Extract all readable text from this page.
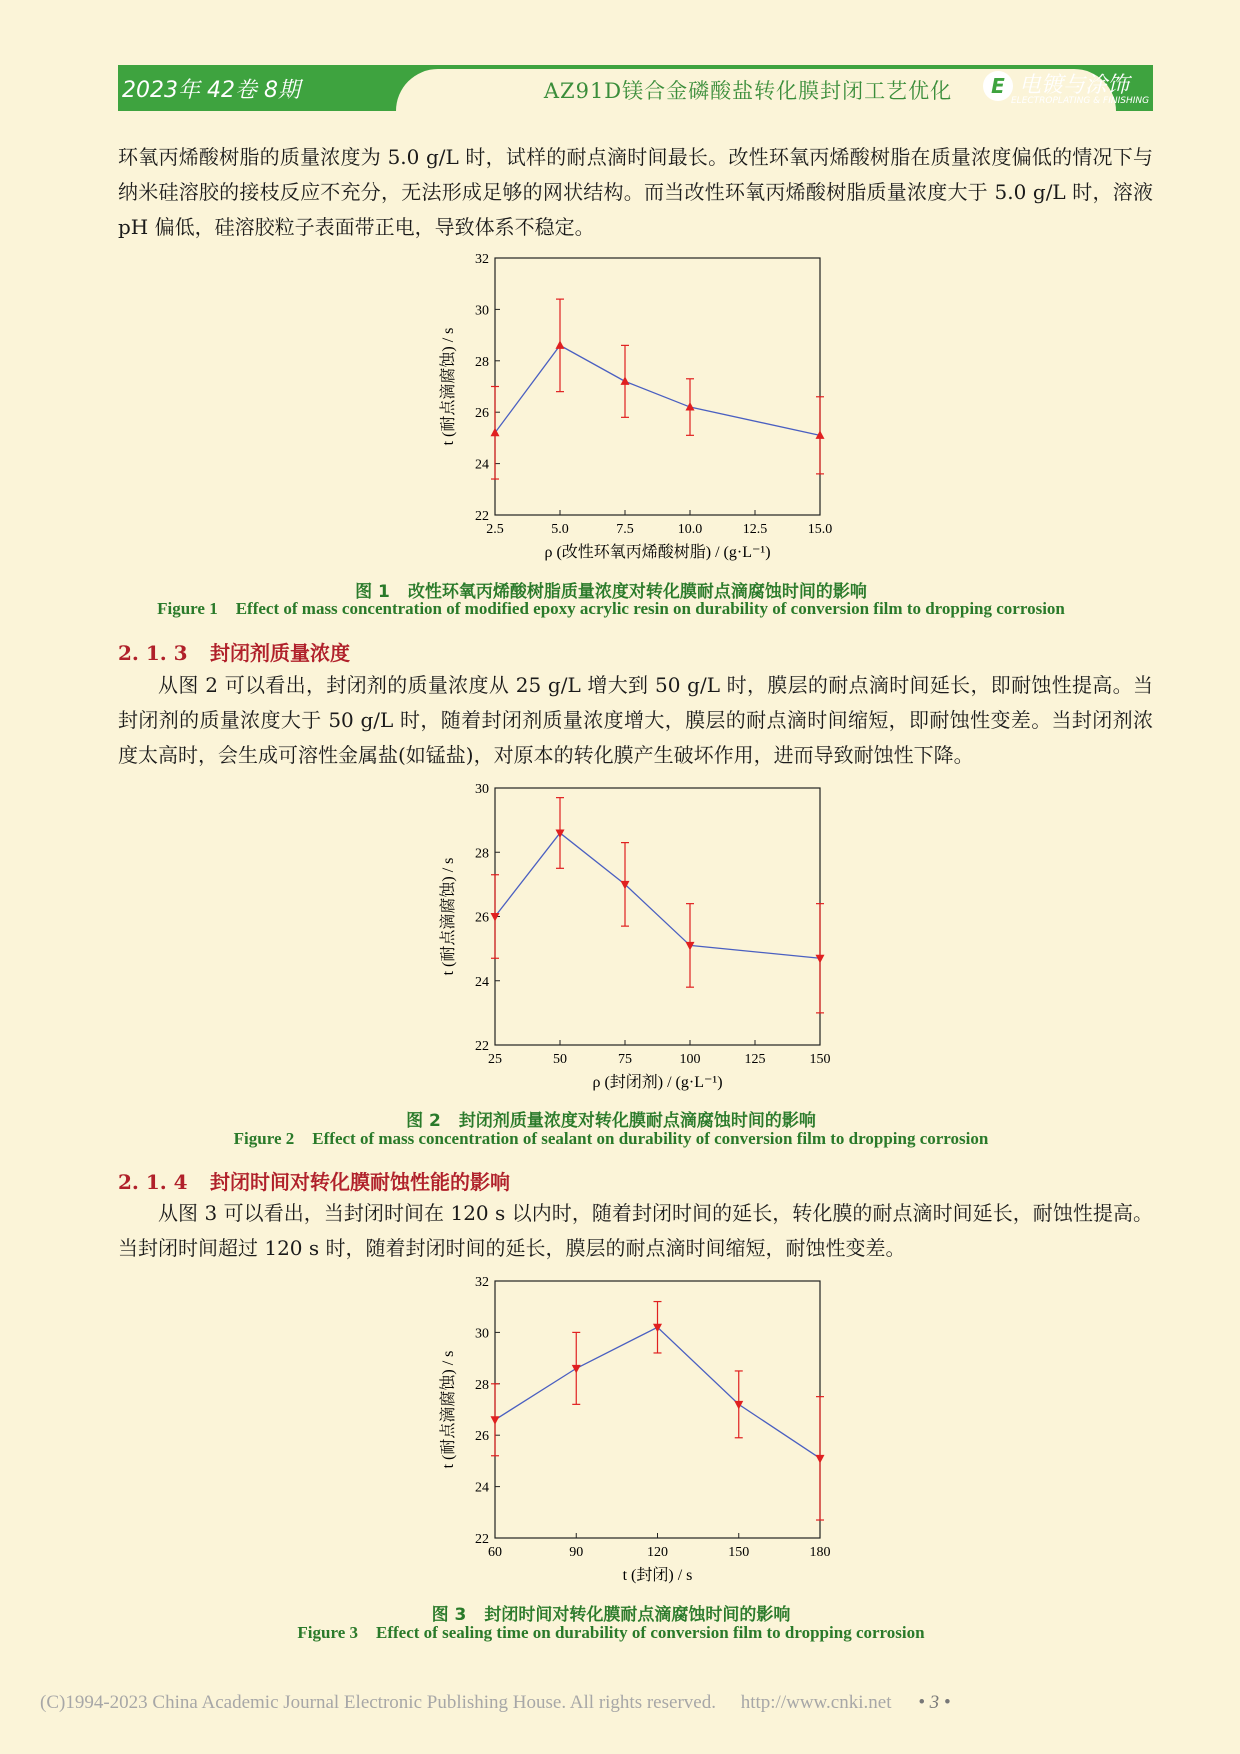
2023年 42卷 8期	AZ91D镁合金磷酸盐转化膜封闭工艺优化	E 电镀与涂饰
ELECTROPLATING & FINISHING

环氧丙烯酸树脂的质量浓度为 5.0 g/L 时，试样的耐点滴时间最长。改性环氧丙烯酸树脂在质量浓度偏低的情况下与纳米硅溶胶的接枝反应不充分，无法形成足够的网状结构。而当改性环氧丙烯酸树脂质量浓度大于 5.0 g/L 时，溶液 pH 偏低，硅溶胶粒子表面带正电，导致体系不稳定。

2.5	5.0	7.5	10.0	12.5	15.0
22
24
26
28
30
32
ρ (改性环氧丙烯酸树脂) / (g·L⁻¹)
t (耐点滴腐蚀) / s
图 1 改性环氧丙烯酸树脂质量浓度对转化膜耐点滴腐蚀时间的影响
Figure 1 Effect of mass concentration of modified epoxy acrylic resin on durability of conversion film to dropping corrosion
2. 1. 3 封闭剂质量浓度

从图 2 可以看出，封闭剂的质量浓度从 25 g/L 增大到 50 g/L 时，膜层的耐点滴时间延长，即耐蚀性提高。当封闭剂的质量浓度大于 50 g/L 时，随着封闭剂质量浓度增大，膜层的耐点滴时间缩短，即耐蚀性变差。当封闭剂浓度太高时，会生成可溶性金属盐(如锰盐)，对原本的转化膜产生破坏作用，进而导致耐蚀性下降。

25	50	75	100	125	150
22
24
26
28
30
ρ (封闭剂) / (g·L⁻¹)
t (耐点滴腐蚀) / s
图 2 封闭剂质量浓度对转化膜耐点滴腐蚀时间的影响
Figure 2 Effect of mass concentration of sealant on durability of conversion film to dropping corrosion
2. 1. 4 封闭时间对转化膜耐蚀性能的影响

从图 3 可以看出，当封闭时间在 120 s 以内时，随着封闭时间的延长，转化膜的耐点滴时间延长，耐蚀性提高。当封闭时间超过 120 s 时，随着封闭时间的延长，膜层的耐点滴时间缩短，耐蚀性变差。

60	90	120	150	180
22
24
26
28
30
32
t (封闭) / s
t (耐点滴腐蚀) / s
图 3 封闭时间对转化膜耐点滴腐蚀时间的影响
Figure 3 Effect of sealing time on durability of conversion film to dropping corrosion
(C)1994-2023 China Academic Journal Electronic Publishing House. All rights reserved. http://www.cnki.net • 3 •
